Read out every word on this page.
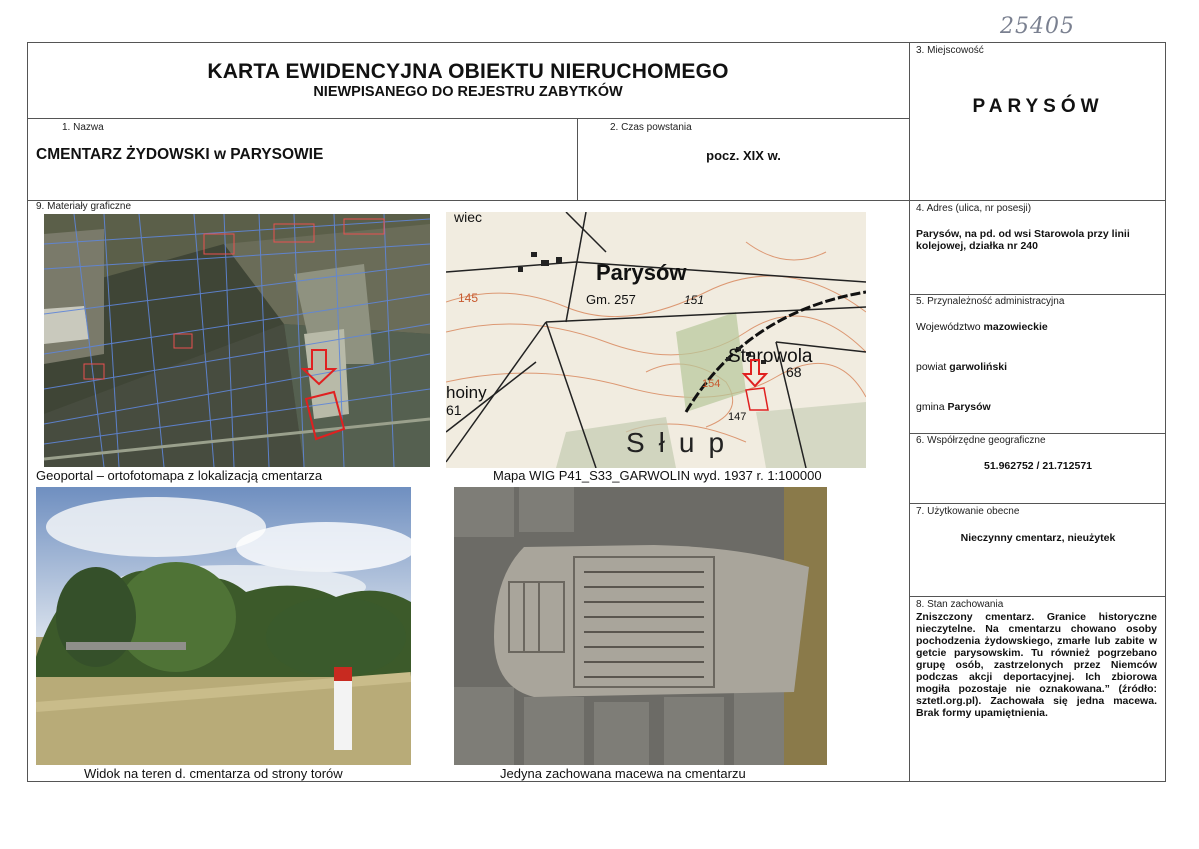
25405
KARTA EWIDENCYJNA OBIEKTU NIERUCHOMEGO
NIEWPISANEGO DO REJESTRU ZABYTKÓW
1. Nazwa
CMENTARZ ŻYDOWSKI w PARYSOWIE
2. Czas powstania
pocz. XIX w.
3. Miejscowość
PARYSÓW
4. Adres (ulica, nr posesji)
Parysów, na pd. od wsi Starowola przy linii kolejowej, działka nr 240
5. Przynależność administracyjna
Województwo mazowieckie
powiat garwoliński
gmina Parysów
6. Współrzędne geograficzne
51.962752 / 21.712571
7. Użytkowanie obecne
Nieczynny cmentarz, nieużytek
8. Stan zachowania
Zniszczony cmentarz. Granice historyczne nieczytelne. Na cmentarzu chowano osoby pochodzenia żydowskiego, zmarłe lub zabite w getcie parysowskim. Tu również pogrzebano grupę osób, zastrzelonych przez Niemców podczas akcji deportacyjnej. Ich zbiorowa mogiła pozostaje nie oznakowana.” (źródło: sztetl.org.pl). Zachowała się jedna macewa. Brak formy upamiętnienia.
9. Materiały graficzne
Geoportal – ortofotomapa z lokalizacją cmentarza
Parysów
Starowola
Słup
Gm. 257	151
145
154
147
68
61
hoiny
wiec
Mapa WIG P41_S33_GARWOLIN wyd. 1937 r. 1:100000
Widok na teren d. cmentarza od strony torów	Jedyna zachowana macewa na cmentarzu
